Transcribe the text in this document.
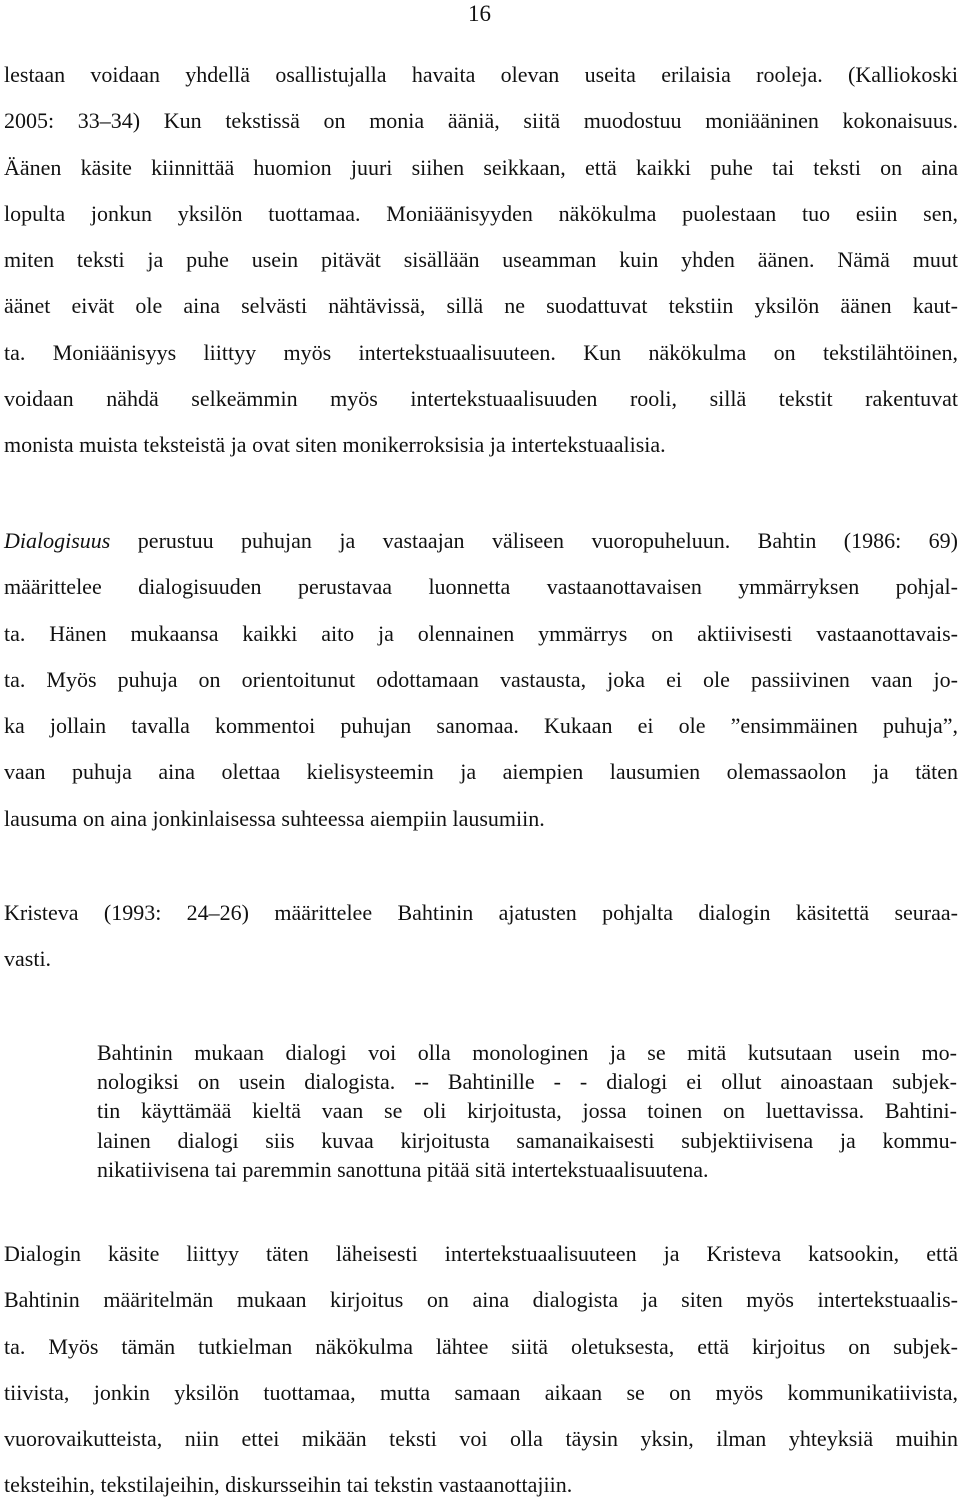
16
lestaan voidaan yhdellä osallistujalla havaita olevan useita erilaisia rooleja. (Kalliokoski
2005: 33–34) Kun tekstissä on monia ääniä, siitä muodostuu moniääninen kokonaisuus.
Äänen käsite kiinnittää huomion juuri siihen seikkaan, että kaikki puhe tai teksti on aina
lopulta jonkun yksilön tuottamaa. Moniäänisyyden näkökulma puolestaan tuo esiin sen,
miten teksti ja puhe usein pitävät sisällään useamman kuin yhden äänen. Nämä muut
äänet eivät ole aina selvästi nähtävissä, sillä ne suodattuvat tekstiin yksilön äänen kaut-
ta. Moniäänisyys liittyy myös intertekstuaalisuuteen. Kun näkökulma on tekstilähtöinen,
voidaan nähdä selkeämmin myös intertekstuaalisuuden rooli, sillä tekstit rakentuvat
monista muista teksteistä ja ovat siten monikerroksisia ja intertekstuaalisia.
Dialogisuus perustuu puhujan ja vastaajan väliseen vuoropuheluun. Bahtin (1986: 69)
määrittelee dialogisuuden perustavaa luonnetta vastaanottavaisen ymmärryksen pohjal-
ta. Hänen mukaansa kaikki aito ja olennainen ymmärrys on aktiivisesti vastaanottavais-
ta. Myös puhuja on orientoitunut odottamaan vastausta, joka ei ole passiivinen vaan jo-
ka jollain tavalla kommentoi puhujan sanomaa. Kukaan ei ole ”ensimmäinen puhuja”,
vaan puhuja aina olettaa kielisysteemin ja aiempien lausumien olemassaolon ja täten
lausuma on aina jonkinlaisessa suhteessa aiempiin lausumiin.
Kristeva (1993: 24–26) määrittelee Bahtinin ajatusten pohjalta dialogin käsitettä seuraa-
vasti.
Bahtinin mukaan dialogi voi olla monologinen ja se mitä kutsutaan usein mo-
nologiksi on usein dialogista. -- Bahtinille - - dialogi ei ollut ainoastaan subjek-
tin käyttämää kieltä vaan se oli kirjoitusta, jossa toinen on luettavissa. Bahtini-
lainen dialogi siis kuvaa kirjoitusta samanaikaisesti subjektiivisena ja kommu-
nikatiivisena tai paremmin sanottuna pitää sitä intertekstuaalisuutena.
Dialogin käsite liittyy täten läheisesti intertekstuaalisuuteen ja Kristeva katsookin, että
Bahtinin määritelmän mukaan kirjoitus on aina dialogista ja siten myös intertekstuaalis-
ta. Myös tämän tutkielman näkökulma lähtee siitä oletuksesta, että kirjoitus on subjek-
tiivista, jonkin yksilön tuottamaa, mutta samaan aikaan se on myös kommunikatiivista,
vuorovaikutteista, niin ettei mikään teksti voi olla täysin yksin, ilman yhteyksiä muihin
teksteihin, tekstilajeihin, diskursseihin tai tekstin vastaanottajiin.
